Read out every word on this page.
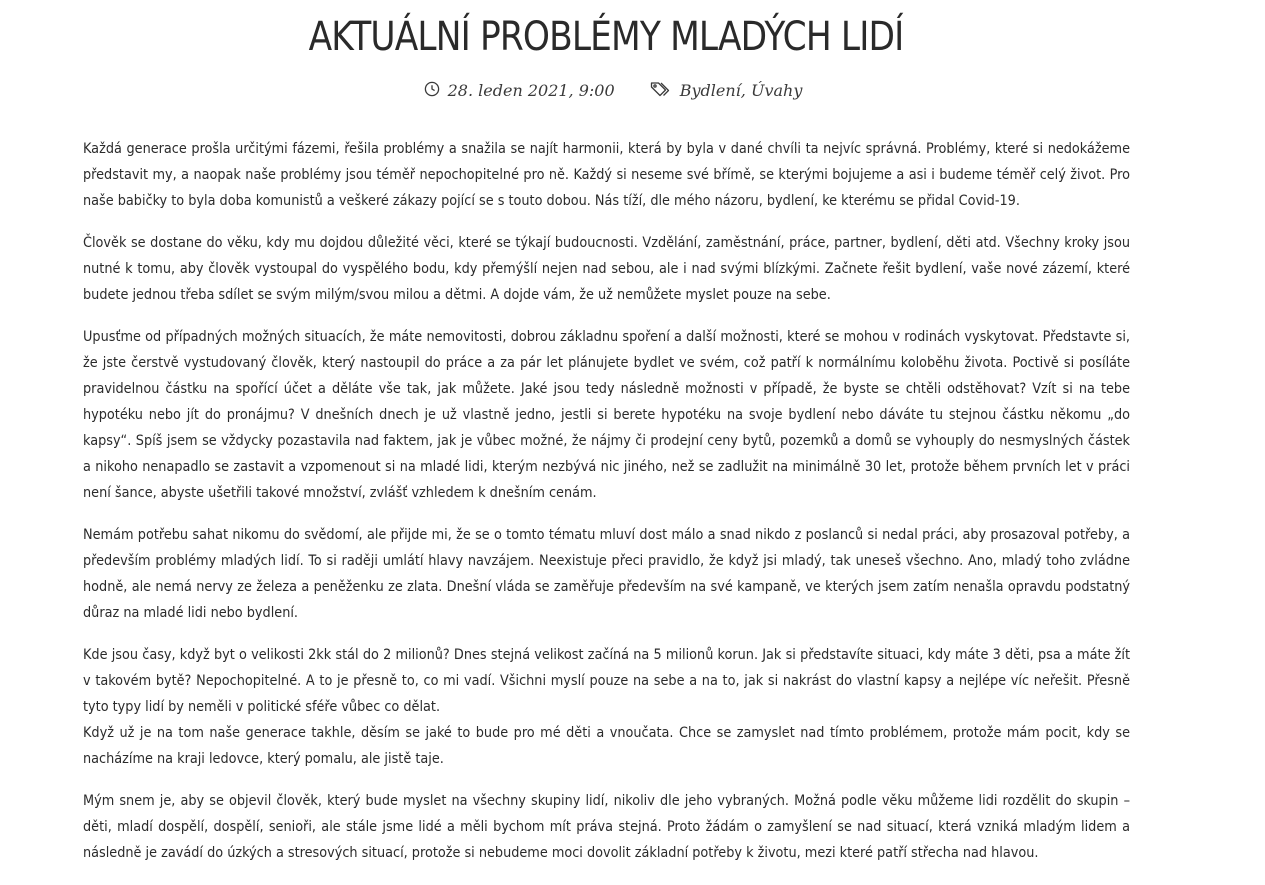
AKTUÁLNÍ PROBLÉMY MLADÝCH LIDÍ
28. leden 2021, 9:00
	Bydlení, Úvahy

Každá generace prošla určitými fázemi, řešila problémy a snažila se najít harmonii, která by byla v dané chvíli ta nejvíc správná. Problémy, které si nedokážeme představit my, a naopak naše problémy jsou téměř nepochopitelné pro ně. Každý si neseme své břímě, se kterými bojujeme a asi i budeme téměř celý život. Pro naše babičky to byla doba komunistů a veškeré zákazy pojící se s touto dobou. Nás tíží, dle mého názoru, bydlení, ke kterému se přidal Covid-19.

Člověk se dostane do věku, kdy mu dojdou důležité věci, které se týkají budoucnosti. Vzdělání, zaměstnání, práce, partner, bydlení, děti atd. Všechny kroky jsou nutné k tomu, aby člověk vystoupal do vyspělého bodu, kdy přemýšlí nejen nad sebou, ale i nad svými blízkými. Začnete řešit bydlení, vaše nové zázemí, které budete jednou třeba sdílet se svým milým/svou milou a dětmi. A dojde vám, že už nemůžete myslet pouze na sebe.

Upusťme od případných možných situacích, že máte nemovitosti, dobrou základnu spoření a další možnosti, které se mohou v rodinách vyskytovat. Představte si, že jste čerstvě vystudovaný člověk, který nastoupil do práce a za pár let plánujete bydlet ve svém, což patří k normálnímu koloběhu života. Poctivě si posíláte pravidelnou částku na spořící účet a děláte vše tak, jak můžete. Jaké jsou tedy následně možnosti v případě, že byste se chtěli odstěhovat? Vzít si na tebe hypotéku nebo jít do pronájmu? V dnešních dnech je už vlastně jedno, jestli si berete hypotéku na svoje bydlení nebo dáváte tu stejnou částku někomu „do kapsy“. Spíš jsem se vždycky pozastavila nad faktem, jak je vůbec možné, že nájmy či prodejní ceny bytů, pozemků a domů se vyhouply do nesmyslných částek a nikoho nenapadlo se zastavit a vzpomenout si na mladé lidi, kterým nezbývá nic jiného, než se zadlužit na minimálně 30 let, protože během prvních let v práci není šance, abyste ušetřili takové množství, zvlášť vzhledem k dnešním cenám.

Nemám potřebu sahat nikomu do svědomí, ale přijde mi, že se o tomto tématu mluví dost málo a snad nikdo z poslanců si nedal práci, aby prosazoval potřeby, a především problémy mladých lidí. To si raději umlátí hlavy navzájem. Neexistuje přeci pravidlo, že když jsi mladý, tak uneseš všechno. Ano, mladý toho zvládne hodně, ale nemá nervy ze železa a peněženku ze zlata. Dnešní vláda se zaměřuje především na své kampaně, ve kterých jsem zatím nenašla opravdu podstatný důraz na mladé lidi nebo bydlení.

Kde jsou časy, když byt o velikosti 2kk stál do 2 milionů? Dnes stejná velikost začíná na 5 milionů korun. Jak si představíte situaci, kdy máte 3 děti, psa a máte žít v takovém bytě? Nepochopitelné. A to je přesně to, co mi vadí. Všichni myslí pouze na sebe a na to, jak si nakrást do vlastní kapsy a nejlépe víc neřešit. Přesně tyto typy lidí by neměli v politické sféře vůbec co dělat.
Když už je na tom naše generace takhle, děsím se jaké to bude pro mé děti a vnoučata. Chce se zamyslet nad tímto problémem, protože mám pocit, kdy se nacházíme na kraji ledovce, který pomalu, ale jistě taje.

Mým snem je, aby se objevil člověk, který bude myslet na všechny skupiny lidí, nikoliv dle jeho vybraných. Možná podle věku můžeme lidi rozdělit do skupin – děti, mladí dospělí, dospělí, senioři, ale stále jsme lidé a měli bychom mít práva stejná. Proto žádám o zamyšlení se nad situací, která vzniká mladým lidem a následně je zavádí do úzkých a stresových situací, protože si nebudeme moci dovolit základní potřeby k životu, mezi které patří střecha nad hlavou.
